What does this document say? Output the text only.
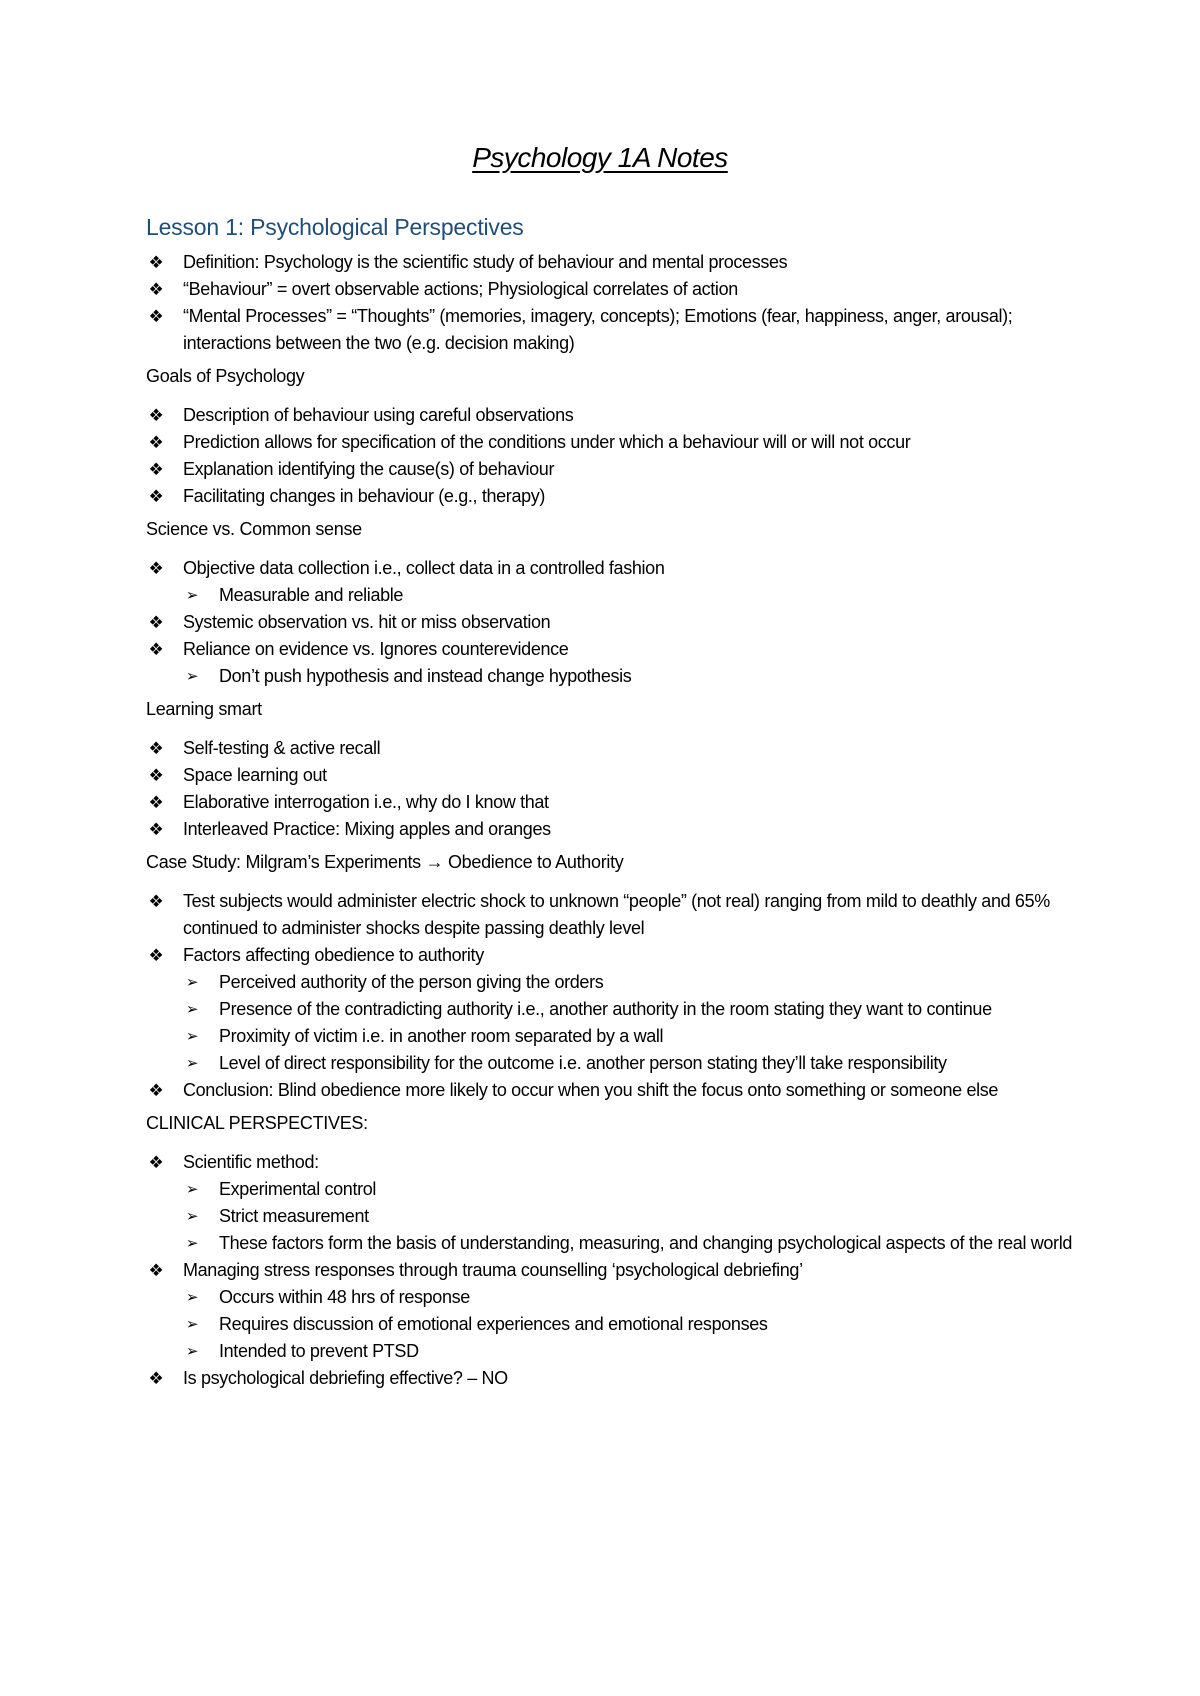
Psychology 1A Notes
Lesson 1: Psychological Perspectives
❖ Definition: Psychology is the scientific study of behaviour and mental processes
❖ “Behaviour” = overt observable actions; Physiological correlates of action
❖ “Mental Processes” = “Thoughts” (memories, imagery, concepts); Emotions (fear, happiness, anger, arousal); interactions between the two (e.g. decision making)
Goals of Psychology
❖ Description of behaviour using careful observations
❖ Prediction allows for specification of the conditions under which a behaviour will or will not occur
❖ Explanation identifying the cause(s) of behaviour
❖ Facilitating changes in behaviour (e.g., therapy)
Science vs. Common sense
❖ Objective data collection i.e., collect data in a controlled fashion
➢ Measurable and reliable
❖ Systemic observation vs. hit or miss observation
❖ Reliance on evidence vs. Ignores counterevidence
➢ Don’t push hypothesis and instead change hypothesis
Learning smart
❖ Self-testing & active recall
❖ Space learning out
❖ Elaborative interrogation i.e., why do I know that
❖ Interleaved Practice: Mixing apples and oranges
Case Study: Milgram’s Experiments → Obedience to Authority
❖ Test subjects would administer electric shock to unknown “people” (not real) ranging from mild to deathly and 65% continued to administer shocks despite passing deathly level
❖ Factors affecting obedience to authority
➢ Perceived authority of the person giving the orders
➢ Presence of the contradicting authority i.e., another authority in the room stating they want to continue
➢ Proximity of victim i.e. in another room separated by a wall
➢ Level of direct responsibility for the outcome i.e. another person stating they’ll take responsibility
❖ Conclusion: Blind obedience more likely to occur when you shift the focus onto something or someone else
CLINICAL PERSPECTIVES:
❖ Scientific method:
➢ Experimental control
➢ Strict measurement
➢ These factors form the basis of understanding, measuring, and changing psychological aspects of the real world
❖ Managing stress responses through trauma counselling ‘psychological debriefing’
➢ Occurs within 48 hrs of response
➢ Requires discussion of emotional experiences and emotional responses
➢ Intended to prevent PTSD
❖ Is psychological debriefing effective? – NO
